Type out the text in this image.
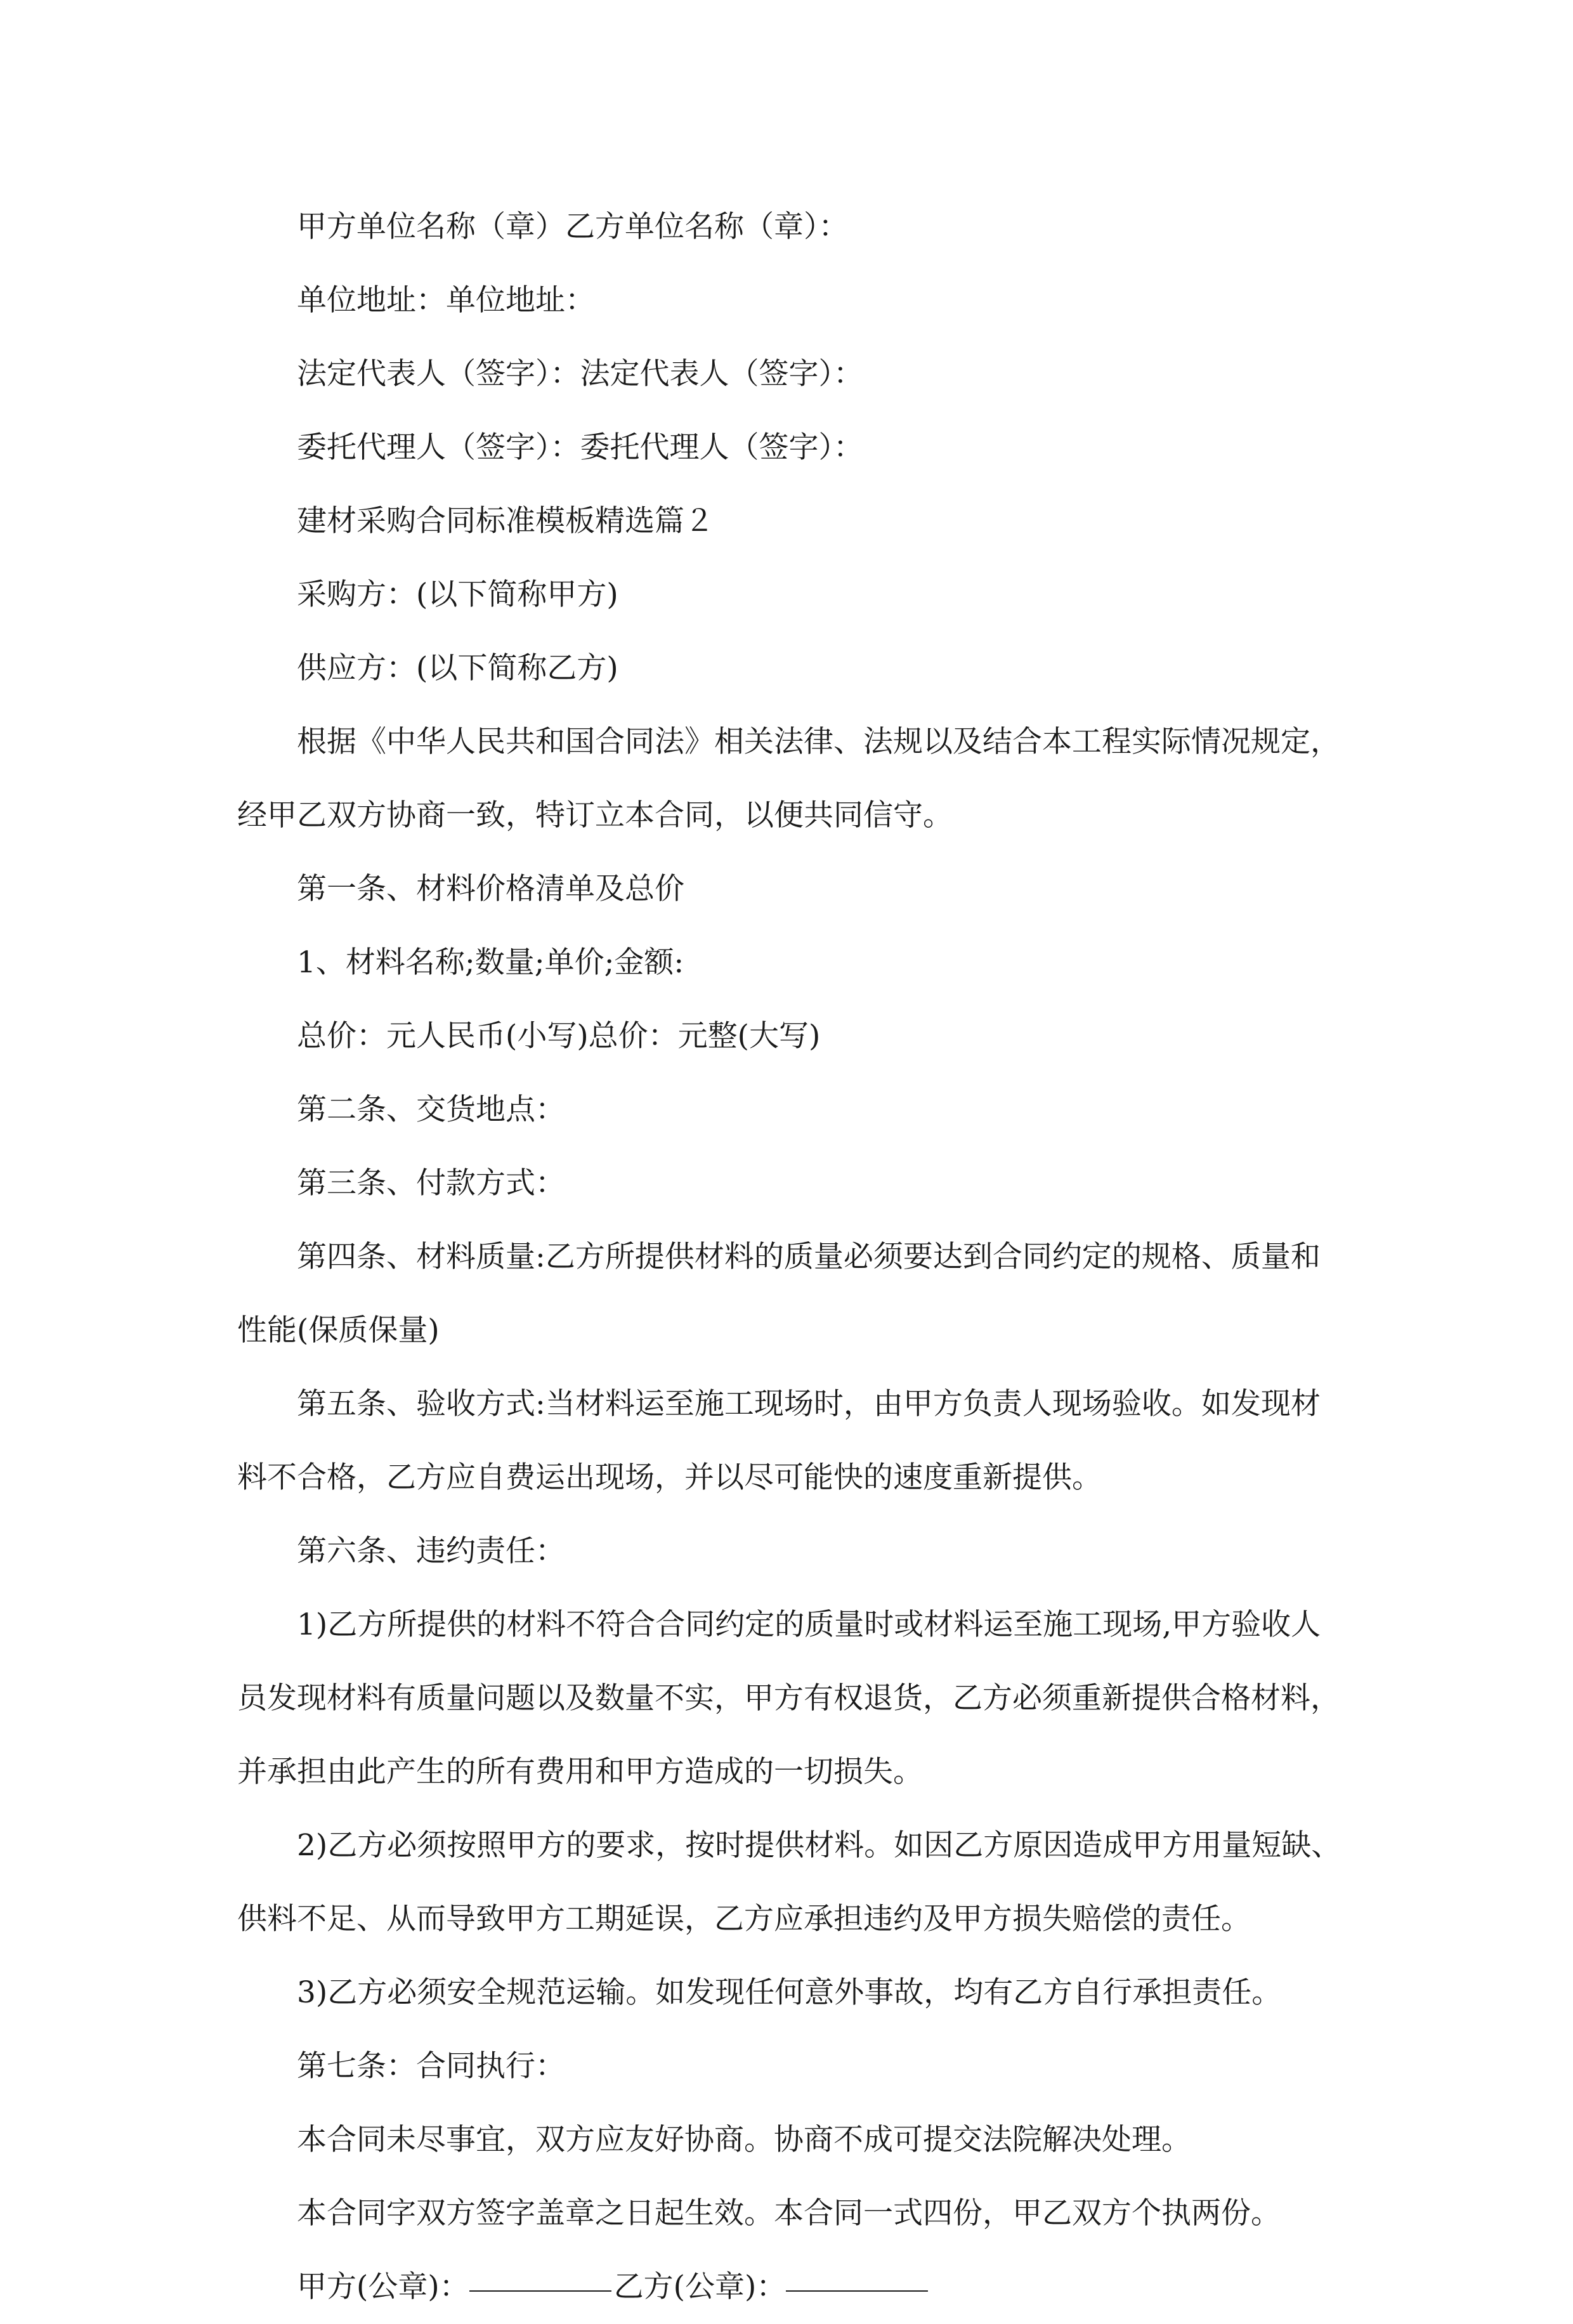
甲方单位名称（章）乙方单位名称（章）：

单位地址：单位地址：

法定代表人（签字）：法定代表人（签字）：

委托代理人（签字）：委托代理人（签字）：

建材采购合同标准模板精选篇２

采购方：(以下简称甲方)

供应方：(以下简称乙方)

根据《中华人民共和国合同法》相关法律、法规以及结合本工程实际情况规定，经甲乙双方协商一致，特订立本合同，以便共同信守。

第一条、材料价格清单及总价

1、材料名称;数量;单价;金额:

总价：元人民币(小写)总价：元整(大写)

第二条、交货地点：

第三条、付款方式：

第四条、材料质量:乙方所提供材料的质量必须要达到合同约定的规格、质量和性能(保质保量)

第五条、验收方式:当材料运至施工现场时，由甲方负责人现场验收。如发现材料不合格，乙方应自费运出现场，并以尽可能快的速度重新提供。

第六条、违约责任：

1)乙方所提供的材料不符合合同约定的质量时或材料运至施工现场,甲方验收人员发现材料有质量问题以及数量不实，甲方有权退货，乙方必须重新提供合格材料，并承担由此产生的所有费用和甲方造成的一切损失。

2)乙方必须按照甲方的要求，按时提供材料。如因乙方原因造成甲方用量短缺、供料不足、从而导致甲方工期延误，乙方应承担违约及甲方损失赔偿的责任。

3)乙方必须安全规范运输。如发现任何意外事故，均有乙方自行承担责任。

第七条：合同执行：

本合同未尽事宜，双方应友好协商。协商不成可提交法院解决处理。

本合同字双方签字盖章之日起生效。本合同一式四份，甲乙双方个执两份。

甲方(公章)：	乙方(公章)：
